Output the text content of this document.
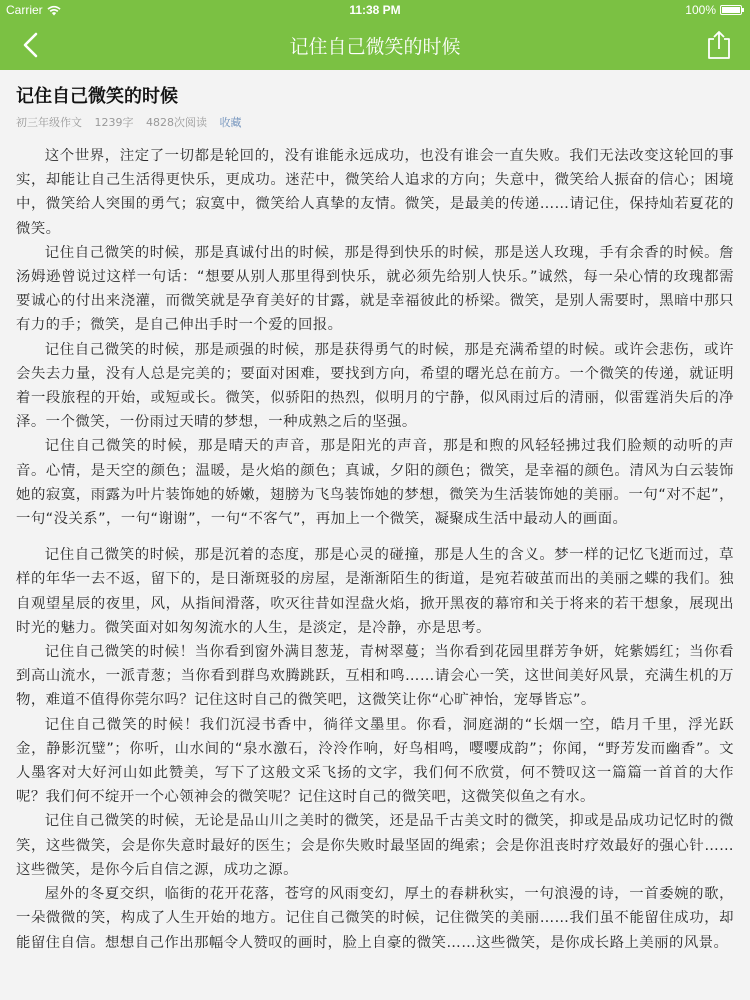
Carrier	11:38 PM	100%
记住自己微笑的时候
记住自己微笑的时候
初三年级作文 1239字 4828次阅读 收藏

这个世界，注定了一切都是轮回的，没有谁能永远成功，也没有谁会一直失败。我们无法改变这轮回的事实，却能让自己生活得更快乐，更成功。迷茫中，微笑给人追求的方向；失意中，微笑给人振奋的信心；困境中，微笑给人突围的勇气；寂寞中，微笑给人真挚的友情。微笑，是最美的传递……请记住，保持灿若夏花的微笑。

记住自己微笑的时候，那是真诚付出的时候，那是得到快乐的时候，那是送人玫瑰，手有余香的时候。詹汤姆逊曾说过这样一句话：“想要从别人那里得到快乐，就必须先给别人快乐。”诚然，每一朵心情的玫瑰都需要诚心的付出来浇灌，而微笑就是孕育美好的甘露，就是幸福彼此的桥梁。微笑，是别人需要时，黑暗中那只有力的手；微笑，是自己伸出手时一个爱的回报。

记住自己微笑的时候，那是顽强的时候，那是获得勇气的时候，那是充满希望的时候。或许会悲伤，或许会失去力量，没有人总是完美的；要面对困难，要找到方向，希望的曙光总在前方。一个微笑的传递，就证明着一段旅程的开始，或短或长。微笑，似骄阳的热烈，似明月的宁静，似风雨过后的清丽，似雷霆消失后的净泽。一个微笑，一份雨过天晴的梦想，一种成熟之后的坚强。

记住自己微笑的时候，那是晴天的声音，那是阳光的声音，那是和煦的风轻轻拂过我们脸颊的动听的声音。心情，是天空的颜色；温暖，是火焰的颜色；真诚，夕阳的颜色；微笑，是幸福的颜色。清风为白云装饰她的寂寞，雨露为叶片装饰她的娇嫩，翅膀为飞鸟装饰她的梦想，微笑为生活装饰她的美丽。一句“对不起”，一句“没关系”，一句“谢谢”，一句“不客气”，再加上一个微笑，凝聚成生活中最动人的画面。

记住自己微笑的时候，那是沉着的态度，那是心灵的碰撞，那是人生的含义。梦一样的记忆飞逝而过，草样的年华一去不返，留下的，是日渐斑驳的房屋，是渐渐陌生的街道，是宛若破茧而出的美丽之蝶的我们。独自观望星辰的夜里，风，从指间滑落，吹灭往昔如涅盘火焰，掀开黑夜的幕帘和关于将来的若干想象，展现出时光的魅力。微笑面对如匆匆流水的人生，是淡定，是冷静，亦是思考。

记住自己微笑的时候！当你看到窗外满目葱茏，青树翠蔓；当你看到花园里群芳争妍，姹紫嫣红；当你看到高山流水，一派青葱；当你看到群鸟欢腾跳跃，互相和鸣……请会心一笑，这世间美好风景，充满生机的万物，难道不值得你莞尔吗？记住这时自己的微笑吧，这微笑让你“心旷神怡，宠辱皆忘”。

记住自己微笑的时候！我们沉浸书香中，徜徉文墨里。你看，洞庭湖的“长烟一空，皓月千里，浮光跃金，静影沉璧”；你听，山水间的“泉水激石，泠泠作响，好鸟相鸣，嘤嘤成韵”；你闻，“野芳发而幽香”。文人墨客对大好河山如此赞美，写下了这般文采飞扬的文字，我们何不欣赏，何不赞叹这一篇篇一首首的大作呢？我们何不绽开一个心领神会的微笑呢？记住这时自己的微笑吧，这微笑似鱼之有水。

记住自己微笑的时候，无论是品山川之美时的微笑，还是品千古美文时的微笑，抑或是品成功记忆时的微笑，这些微笑，会是你失意时最好的医生；会是你失败时最坚固的绳索；会是你沮丧时疗效最好的强心针……这些微笑，是你今后自信之源，成功之源。

屋外的冬夏交织，临街的花开花落，苍穹的风雨变幻，厚土的春耕秋实，一句浪漫的诗，一首委婉的歌，一朵微微的笑，构成了人生开始的地方。记住自己微笑的时候，记住微笑的美丽……我们虽不能留住成功，却能留住自信。想想自己作出那幅令人赞叹的画时，脸上自豪的微笑……这些微笑，是你成长路上美丽的风景。
